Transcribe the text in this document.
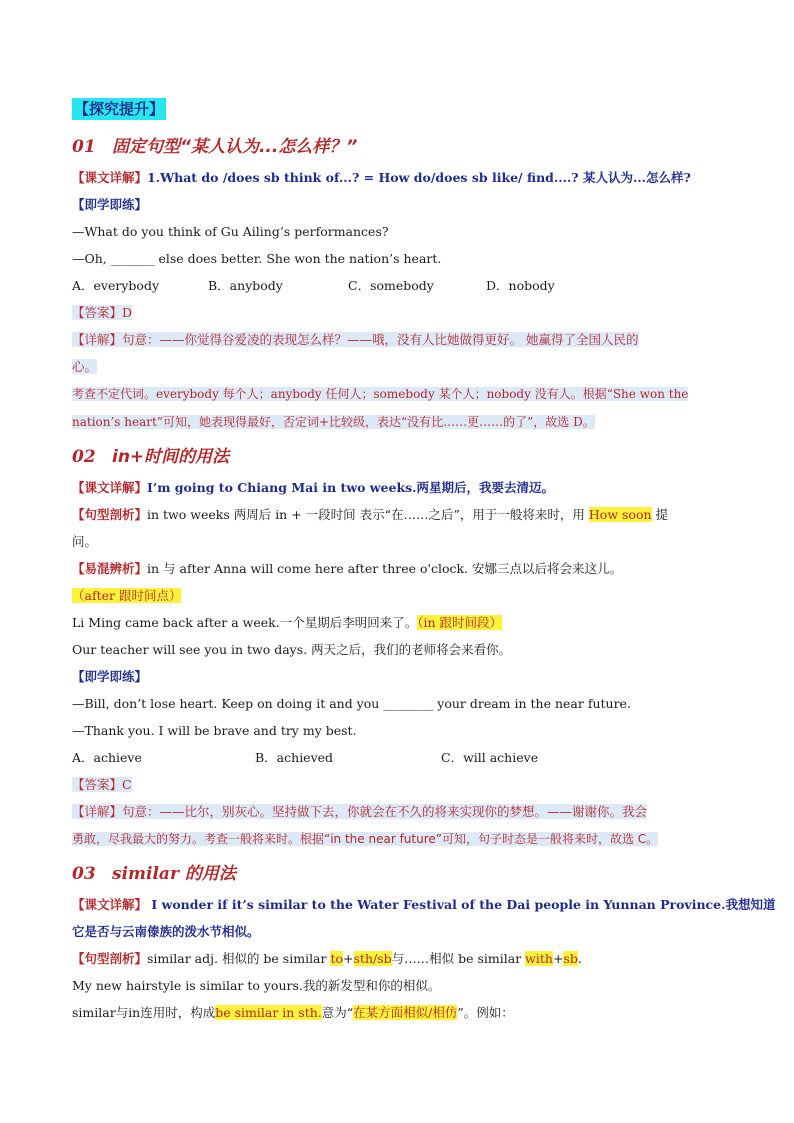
【探究提升】
01 固定句型“某人认为...怎么样？”
【课文详解】1.What do /does sb think of...? = How do/does sb like/ find....? 某人认为...怎么样?
【即学即练】
—What do you think of Gu Ailing’s performances?
—Oh, _______ else does better. She won the nation’s heart.
A．everybody	B．anybody	C．somebody	D．nobody
【答案】D
【详解】句意：——你觉得谷爱凌的表现怎么样？——哦，没有人比她做得更好。 她赢得了全国人民的
心。
考查不定代词。everybody 每个人；anybody 任何人；somebody 某个人；nobody 没有人。根据“She won the
nation’s heart”可知，她表现得最好，否定词+比较级，表达“没有比……更……的了”，故选 D。
02 in+时间的用法
【课文详解】I’m going to Chiang Mai in two weeks.两星期后，我要去清迈。
【句型剖析】in two weeks 两周后 in + 一段时间 表示“在……之后”，用于一般将来时，用 How soon 提
问。
【易混辨析】in 与 after Anna will come here after three o'clock. 安娜三点以后将会来这儿。
（after 跟时间点）
Li Ming came back after a week.一个星期后李明回来了。（in 跟时间段）
Our teacher will see you in two days. 两天之后，我们的老师将会来看你。
【即学即练】
—Bill, don’t lose heart. Keep on doing it and you ________ your dream in the near future.
—Thank you. I will be brave and try my best.
A．achieve	B．achieved	C．will achieve
【答案】C
【详解】句意：——比尔，别灰心。坚持做下去，你就会在不久的将来实现你的梦想。——谢谢你。我会
勇敢，尽我最大的努力。考查一般将来时。根据“in the near future”可知，句子时态是一般将来时，故选 C。
03 similar 的用法
【课文详解】 I wonder if it’s similar to the Water Festival of the Dai people in Yunnan Province.我想知道
它是否与云南傣族的泼水节相似。
【句型剖析】similar adj. 相似的 be similar to+sth/sb与……相似 be similar with+sb.
My new hairstyle is similar to yours.我的新发型和你的相似。
similar与in连用时，构成be similar in sth.意为“在某方面相似/相仿”。例如：
